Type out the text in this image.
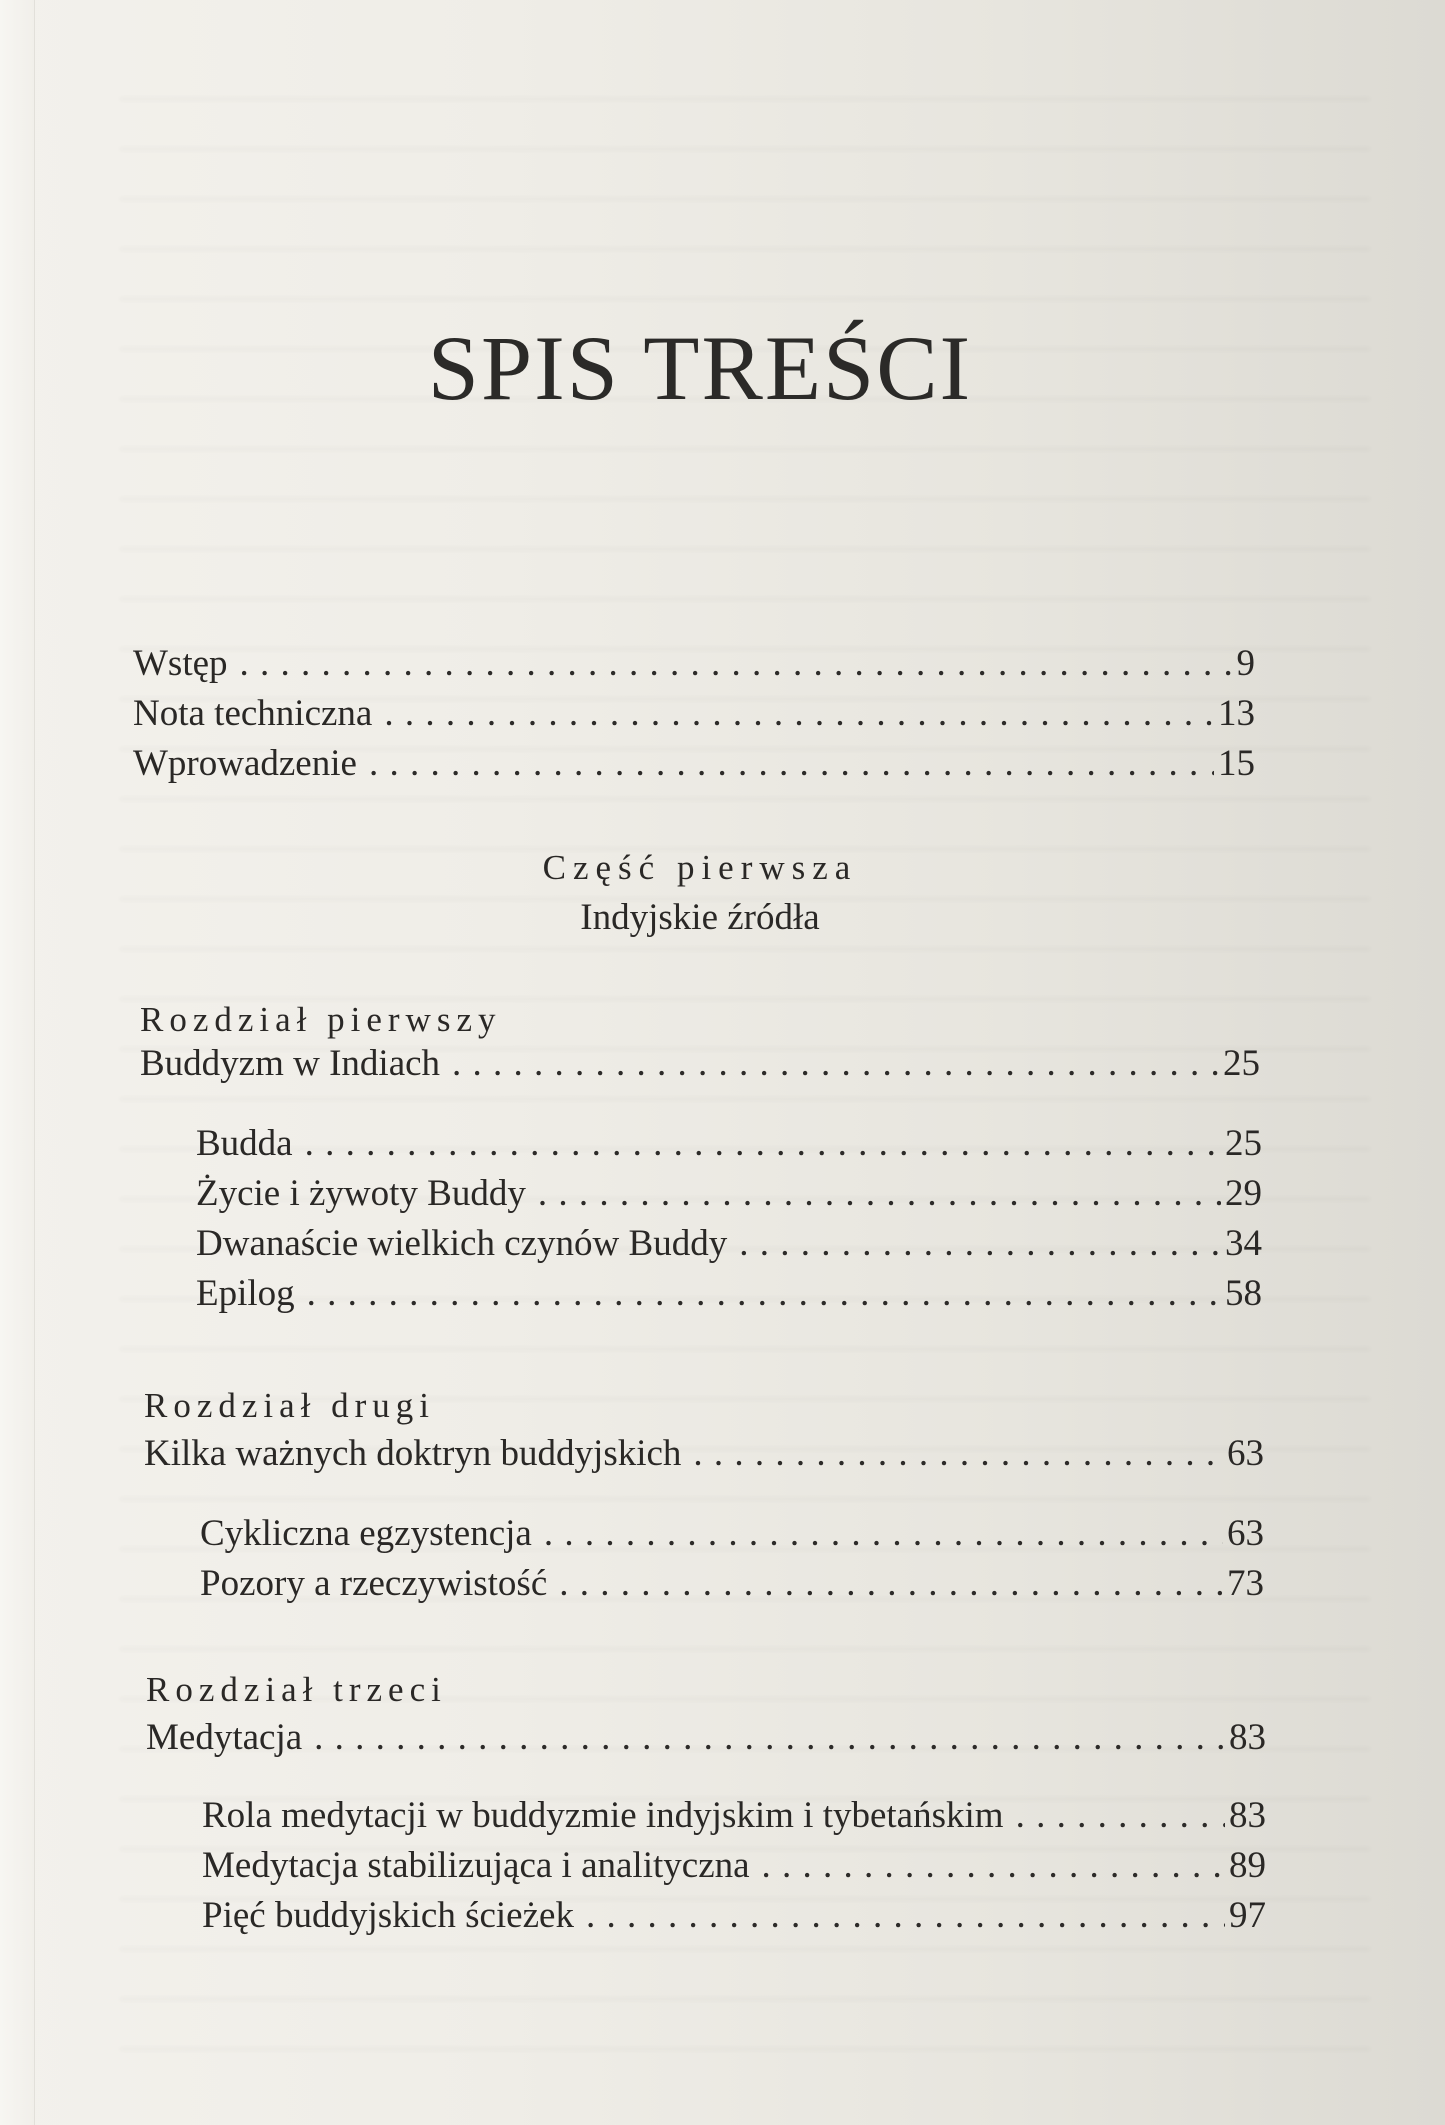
SPIS TREŚCI
Wstęp . . .	9
Nota techniczna . . .	13
Wprowadzenie . . .	15
Część pierwsza
Indyjskie źródła
Rozdział pierwszy
Buddyzm w Indiach . . .	25
Budda . . .	25
Życie i żywoty Buddy . . .	29
Dwanaście wielkich czynów Buddy . . .	34
Epilog . . .	58
Rozdział drugi
Kilka ważnych doktryn buddyjskich . . .	63
Cykliczna egzystencja . . .	63
Pozory a rzeczywistość . . .	73
Rozdział trzeci
Medytacja . . .	83
Rola medytacji w buddyzmie indyjskim i tybetańskim . . .	83
Medytacja stabilizująca i analityczna . . .	89
Pięć buddyjskich ścieżek . . .	97
